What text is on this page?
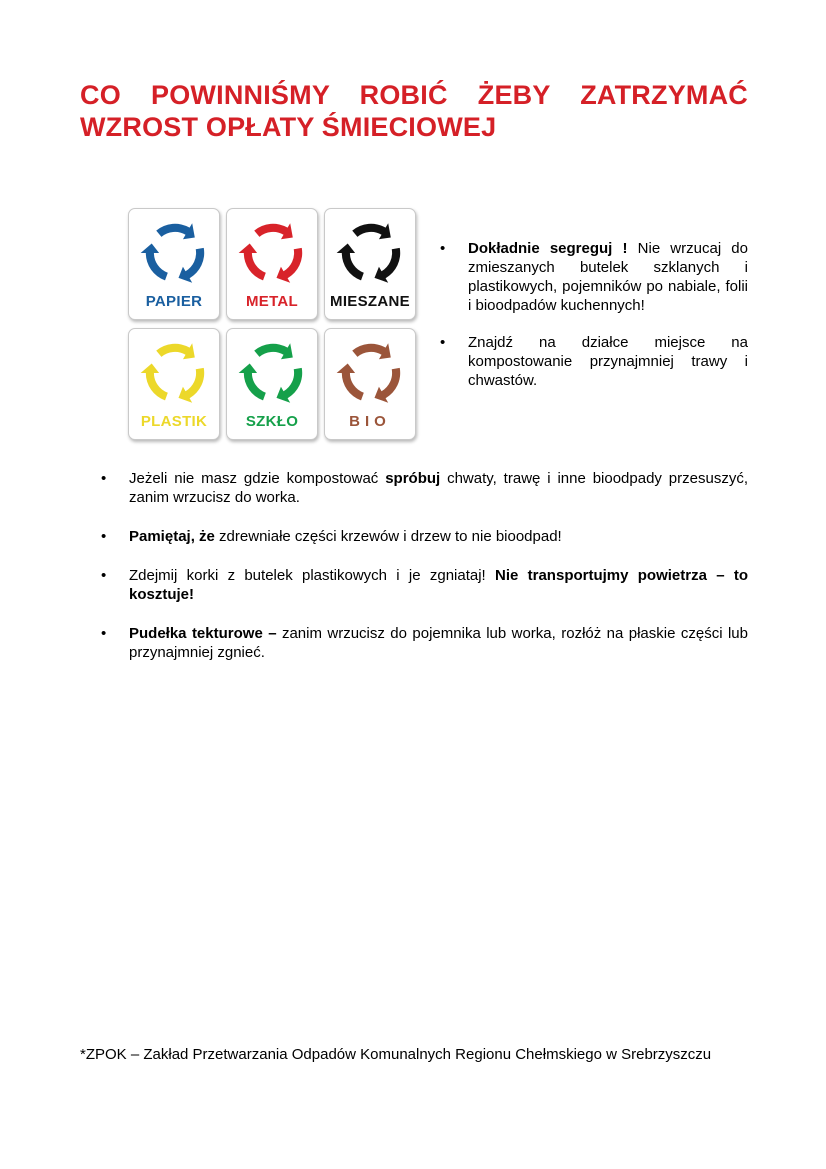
CO POWINNIŚMY ROBIĆ ŻEBY ZATRZYMAĆ
WZROST OPŁATY ŚMIECIOWEJ
PAPIER	METAL	MIESZANE
PLASTIK	SZKŁO	BIO
• Dokładnie segreguj ! Nie wrzucaj do zmieszanych butelek szklanych i plastikowych, pojemników po nabiale, folii i bioodpadów kuchennych!
• Znajdź na działce miejsce na kompostowanie przynajmniej trawy i chwastów.
• Jeżeli nie masz gdzie kompostować spróbuj chwaty, trawę i inne bioodpady przesuszyć, zanim wrzucisz do worka.
• Pamiętaj, że zdrewniałe części krzewów i drzew to nie bioodpad!
• Zdejmij korki z butelek plastikowych i je zgniataj! Nie transportujmy powietrza – to kosztuje!
• Pudełka tekturowe – zanim wrzucisz do pojemnika lub worka, rozłóż na płaskie części lub przynajmniej zgnieć.

*ZPOK – Zakład Przetwarzania Odpadów Komunalnych Regionu Chełmskiego w Srebrzyszczu
